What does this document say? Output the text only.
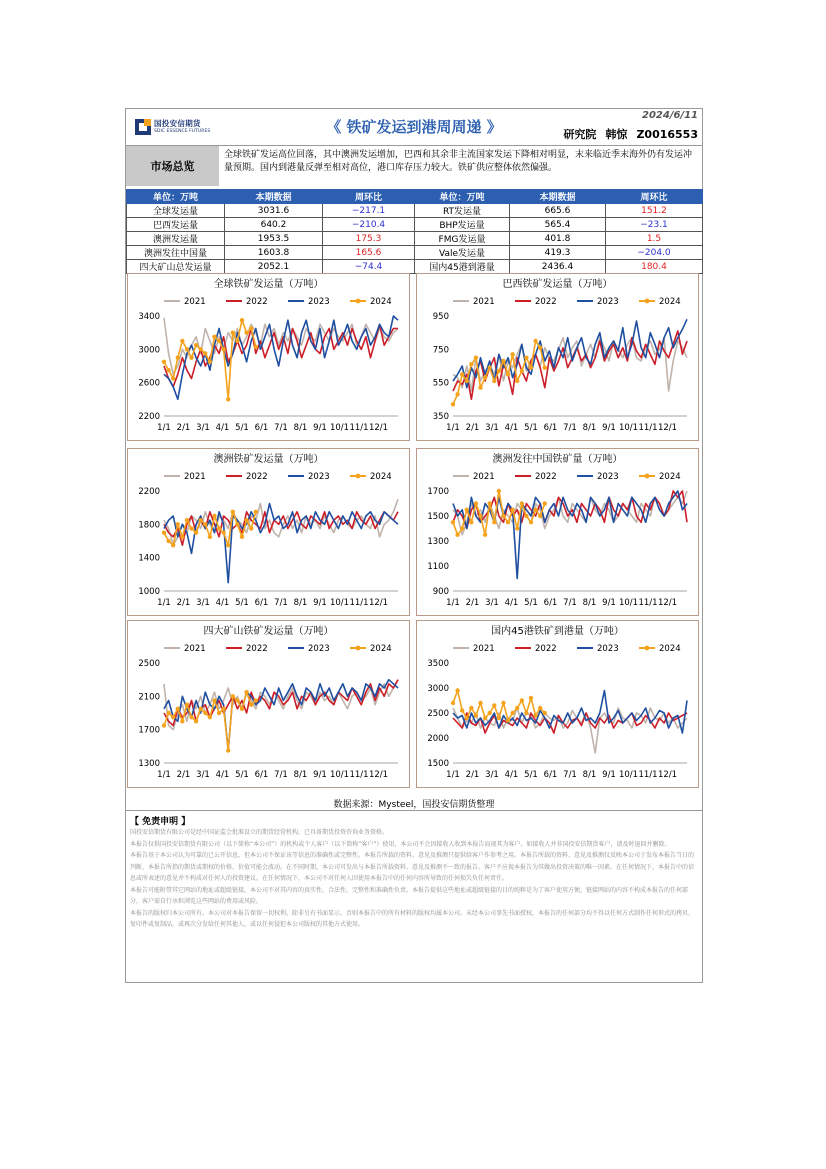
国投安信期货
SDIC ESSENCE FUTURES	《 铁矿发运到港周周递 》
2024/6/11
研究院 韩惊 Z0016553
市场总览
全球铁矿发运高位回落，其中澳洲发运增加，巴西和其余非主流国家发运下降相对明显，末来临近季末海外仍有发运冲量预期。国内到港量反弹至相对高位，港口库存压力较大。铁矿供应整体依然偏强。
单位：万吨	本期数据	周环比	单位：万吨	本期数据	周环比
全球发运量	3031.6	−217.1	RT发运量	665.6	151.2
巴西发运量	640.2	−210.4	BHP发运量	565.4	−23.1
澳洲发运量	1953.5	175.3	FMG发运量	401.8	1.5
澳洲发往中国量	1603.8	165.6	Vale发运量	419.3	−204.0
四大矿山总发运量	2052.1	−74.4	国内45港到港量	2436.4	180.4
全球铁矿发运量（万吨）
2021	2022	2023	2024
2200
2600
3000
3400
1/1 2/1 3/1 4/1 5/1 6/1 7/1 8/1 9/1 10/1 11/1 12/1
巴西铁矿发运量（万吨）
2021	2022	2023	2024
350
550
750
950
1/1 2/1 3/1 4/1 5/1 6/1 7/1 8/1 9/1 10/1 11/1 12/1
澳洲铁矿发运量（万吨）
2021	2022	2023	2024
1000
1400
1800
2200
1/1 2/1 3/1 4/1 5/1 6/1 7/1 8/1 9/1 10/1 11/1 12/1
澳洲发往中国铁矿量（万吨）
2021	2022	2023	2024
900
1100
1300
1500
1700
1/1 2/1 3/1 4/1 5/1 6/1 7/1 8/1 9/1 10/1 11/1 12/1
四大矿山铁矿发运量（万吨）
2021	2022	2023	2024
1300
1700
2100
2500
1/1 2/1 3/1 4/1 5/1 6/1 7/1 8/1 9/1 10/1 11/1 12/1
国内45港铁矿到港量（万吨）
2021	2022	2023	2024
1500
2000
2500
3000
3500
1/1 2/1 3/1 4/1 5/1 6/1 7/1 8/1 9/1 10/1 11/1 12/1
数据来源：Mysteel，国投安信期货整理
【 免责申明 】

国投安信期货有限公司是经中国证监会批准设立的期货经营机构，已具备期货投资咨询业务资格。

本报告仅供国投安信期货有限公司（以下简称“本公司”）的机构或个人客户（以下简称“客户”）使用，本公司不会因接收人收到本报告而视其为客户。如接收人并非国投安信期货客户，请及时退回并删除。

本报告基于本公司认为可靠的已公开信息，但本公司不保证该等信息的准确性或完整性。本报告所载的资料、意见及推测只提供给客户作参考之用。本报告所载的资料、意见及推测仅反映本公司于发布本报告当日的判断，本报告所指的期货或期权的价格、价值可能会波动。在不同时期，本公司可发出与本报告所载资料、意见及推测不一致的报告。客户不应视本报告为其做出投资决策的唯一因素。在任何情况下，本报告中的信息或所表述的意见并不构成对任何人的投资建议。在任何情况下，本公司不对任何人因使用本报告中的任何内容所导致的任何损失负任何责任。

本报告可能附带其它网站的地址或超级链接，本公司不对其内容的真实性、合法性、完整性和准确性负责。本报告提供这些地址或超级链接的目的纯粹是为了客户使用方便，链接网站的内容不构成本报告的任何部分，客户需自行承担浏览这些网站的费用或风险。

本报告的版权归本公司所有。本公司对本报告保留一切权利。除非另有书面显示，否则本报告中的所有材料的版权均属本公司。未经本公司事先书面授权，本报告的任何部分均不得以任何方式制作任何形式的拷贝、复印件或复制品，或再次分发给任何其他人，或以任何侵犯本公司版权的其他方式使用。
